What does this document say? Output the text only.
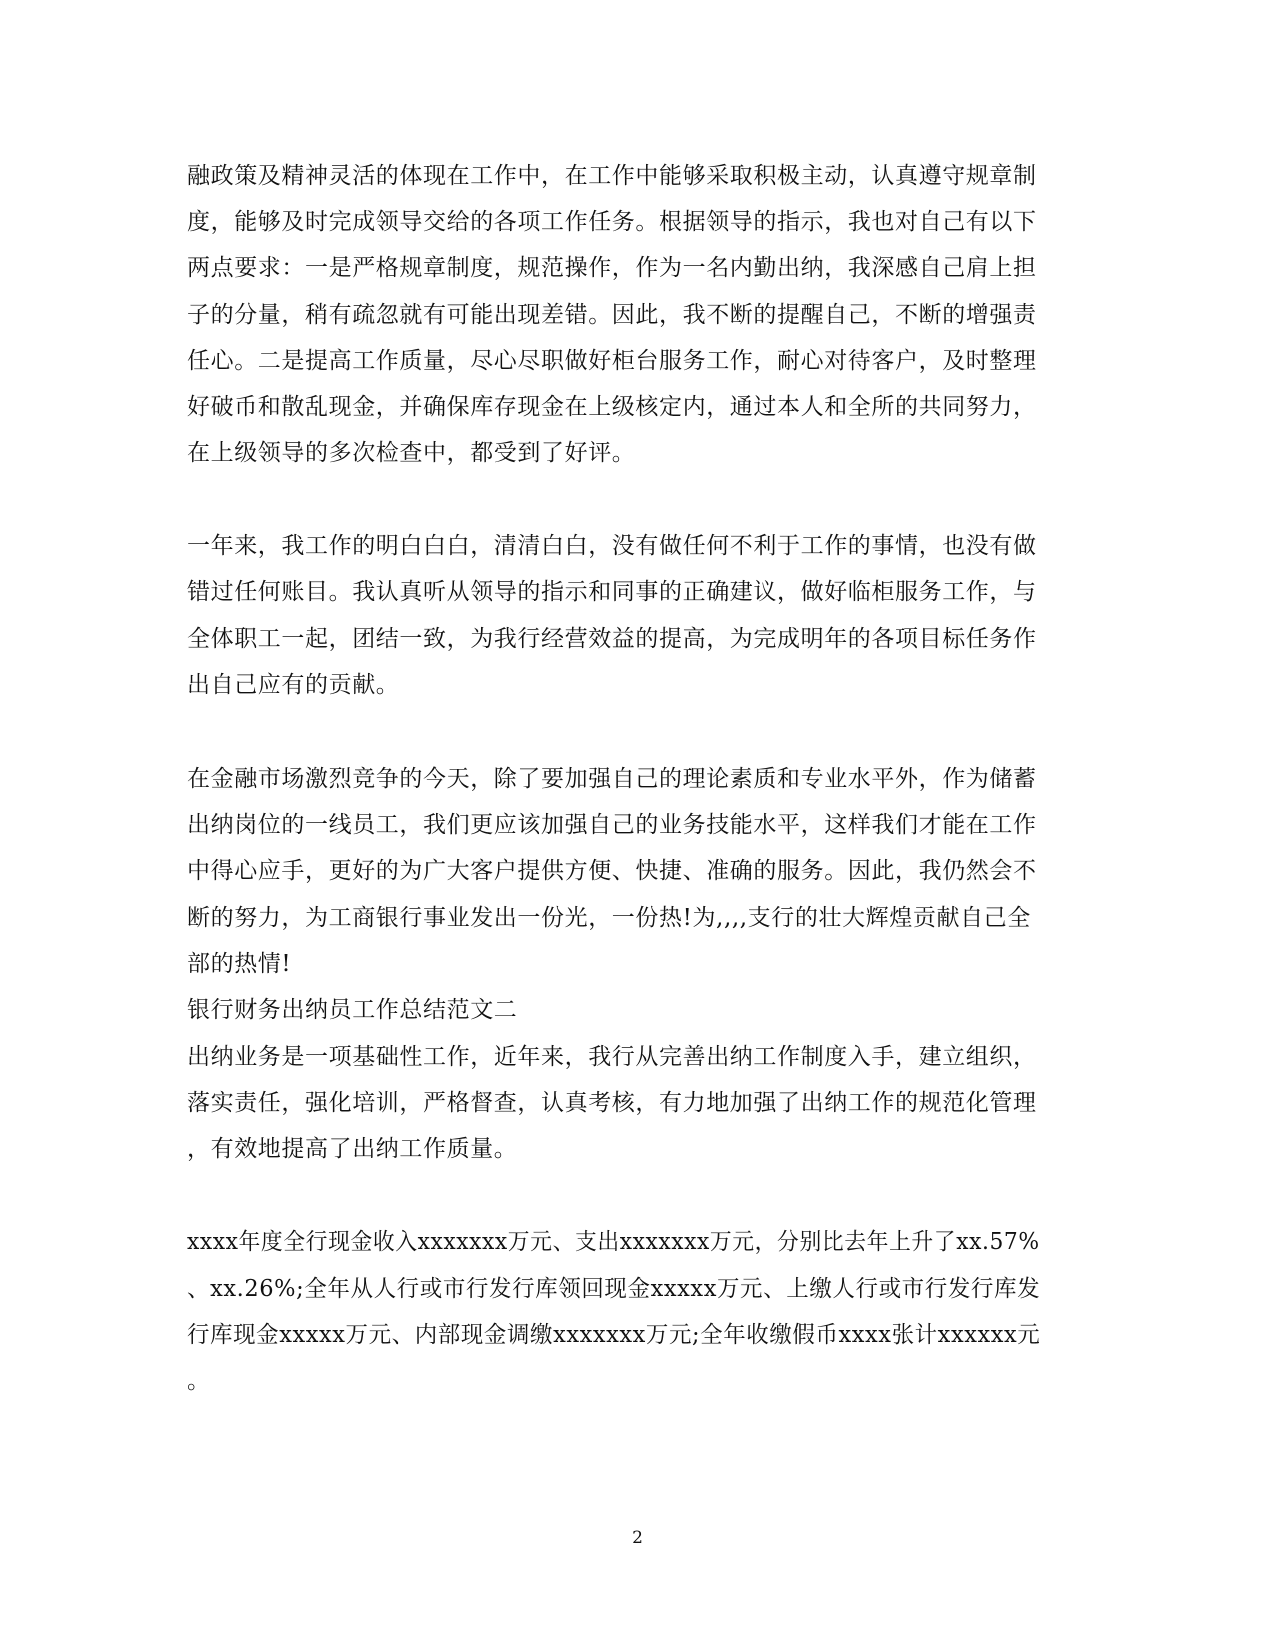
融政策及精神灵活的体现在工作中，在工作中能够采取积极主动，认真遵守规章制
度，能够及时完成领导交给的各项工作任务。根据领导的指示，我也对自己有以下
两点要求：一是严格规章制度，规范操作，作为一名内勤出纳，我深感自己肩上担
子的分量，稍有疏忽就有可能出现差错。因此，我不断的提醒自己，不断的增强责
任心。二是提高工作质量，尽心尽职做好柜台服务工作，耐心对待客户，及时整理
好破币和散乱现金，并确保库存现金在上级核定内，通过本人和全所的共同努力，
在上级领导的多次检查中，都受到了好评。
一年来，我工作的明白白白，清清白白，没有做任何不利于工作的事情，也没有做
错过任何账目。我认真听从领导的指示和同事的正确建议，做好临柜服务工作，与
全体职工一起，团结一致，为我行经营效益的提高，为完成明年的各项目标任务作
出自己应有的贡献。
在金融市场激烈竞争的今天，除了要加强自己的理论素质和专业水平外，作为储蓄
出纳岗位的一线员工，我们更应该加强自己的业务技能水平，这样我们才能在工作
中得心应手，更好的为广大客户提供方便、快捷、准确的服务。因此，我仍然会不
断的努力，为工商银行事业发出一份光，一份热!为,,,,支行的壮大辉煌贡献自己全
部的热情!
银行财务出纳员工作总结范文二
出纳业务是一项基础性工作，近年来，我行从完善出纳工作制度入手，建立组织，
落实责任，强化培训，严格督查，认真考核，有力地加强了出纳工作的规范化管理
，有效地提高了出纳工作质量。
xxxx年度全行现金收入xxxxxxx万元、支出xxxxxxx万元，分别比去年上升了xx.57%
、xx.26%;全年从人行或市行发行库领回现金xxxxx万元、上缴人行或市行发行库发
行库现金xxxxx万元、内部现金调缴xxxxxxx万元;全年收缴假币xxxx张计xxxxxx元
。
2
